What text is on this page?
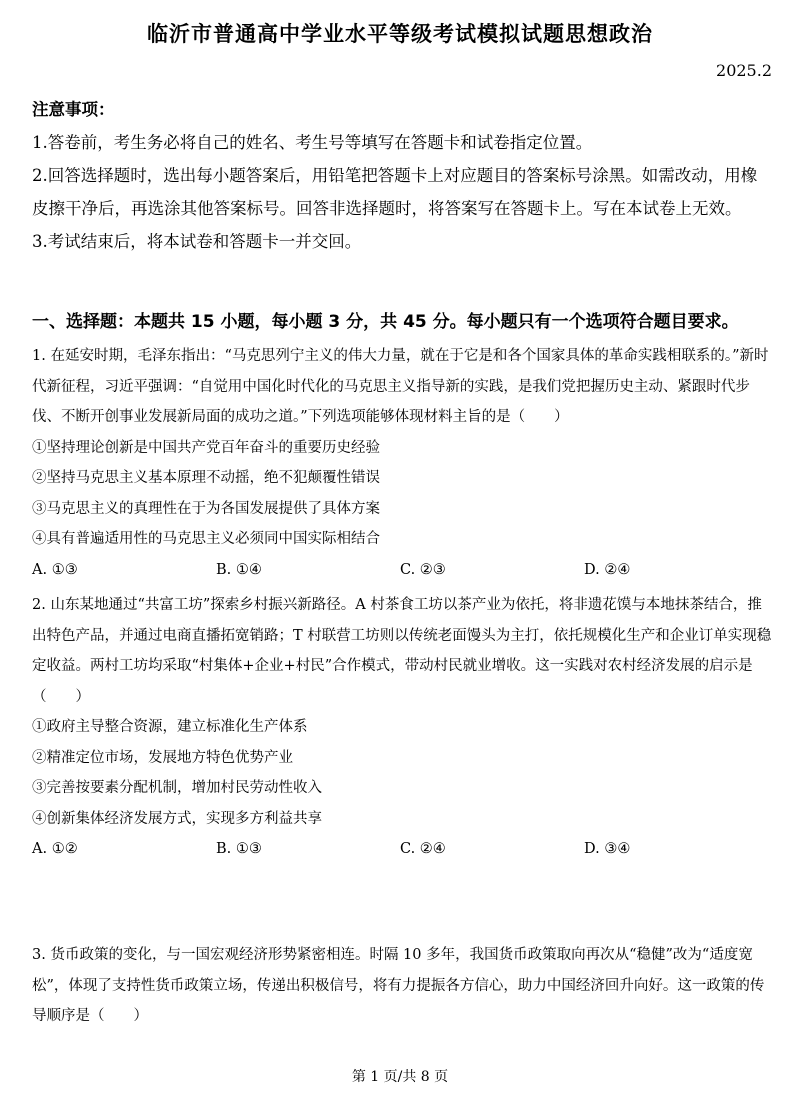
临沂市普通高中学业水平等级考试模拟试题思想政治
2025.2

注意事项：

1.答卷前，考生务必将自己的姓名、考生号等填写在答题卡和试卷指定位置。

2.回答选择题时，选出每小题答案后，用铅笔把答题卡上对应题目的答案标号涂黑。如需改动，用橡皮擦干净后，再选涂其他答案标号。回答非选择题时，将答案写在答题卡上。写在本试卷上无效。

3.考试结束后，将本试卷和答题卡一并交回。

一、选择题：本题共 15 小题，每小题 3 分，共 45 分。每小题只有一个选项符合题目要求。

1. 在延安时期，毛泽东指出：“马克思列宁主义的伟大力量，就在于它是和各个国家具体的革命实践相联系的。”新时代新征程，习近平强调：“自觉用中国化时代化的马克思主义指导新的实践，是我们党把握历史主动、紧跟时代步伐、不断开创事业发展新局面的成功之道。”下列选项能够体现材料主旨的是（　　）

①坚持理论创新是中国共产党百年奋斗的重要历史经验

②坚持马克思主义基本原理不动摇，绝不犯颠覆性错误

③马克思主义的真理性在于为各国发展提供了具体方案

④具有普遍适用性的马克思主义必须同中国实际相结合

A. ①③	B. ①④	C. ②③	D. ②④

2. 山东某地通过“共富工坊”探索乡村振兴新路径。A 村茶食工坊以茶产业为依托，将非遗花馍与本地抹茶结合，推出特色产品，并通过电商直播拓宽销路；T 村联营工坊则以传统老面馒头为主打，依托规模化生产和企业订单实现稳定收益。两村工坊均采取“村集体+企业+村民”合作模式，带动村民就业增收。这一实践对农村经济发展的启示是（　　）

①政府主导整合资源，建立标准化生产体系

②精准定位市场，发展地方特色优势产业

③完善按要素分配机制，增加村民劳动性收入

④创新集体经济发展方式，实现多方利益共享

A. ①②	B. ①③	C. ②④	D. ③④

3. 货币政策的变化，与一国宏观经济形势紧密相连。时隔 10 多年，我国货币政策取向再次从“稳健”改为“适度宽松”，体现了支持性货币政策立场，传递出积极信号，将有力提振各方信心，助力中国经济回升向好。这一政策的传导顺序是（　　）

第 1 页/共 8 页
